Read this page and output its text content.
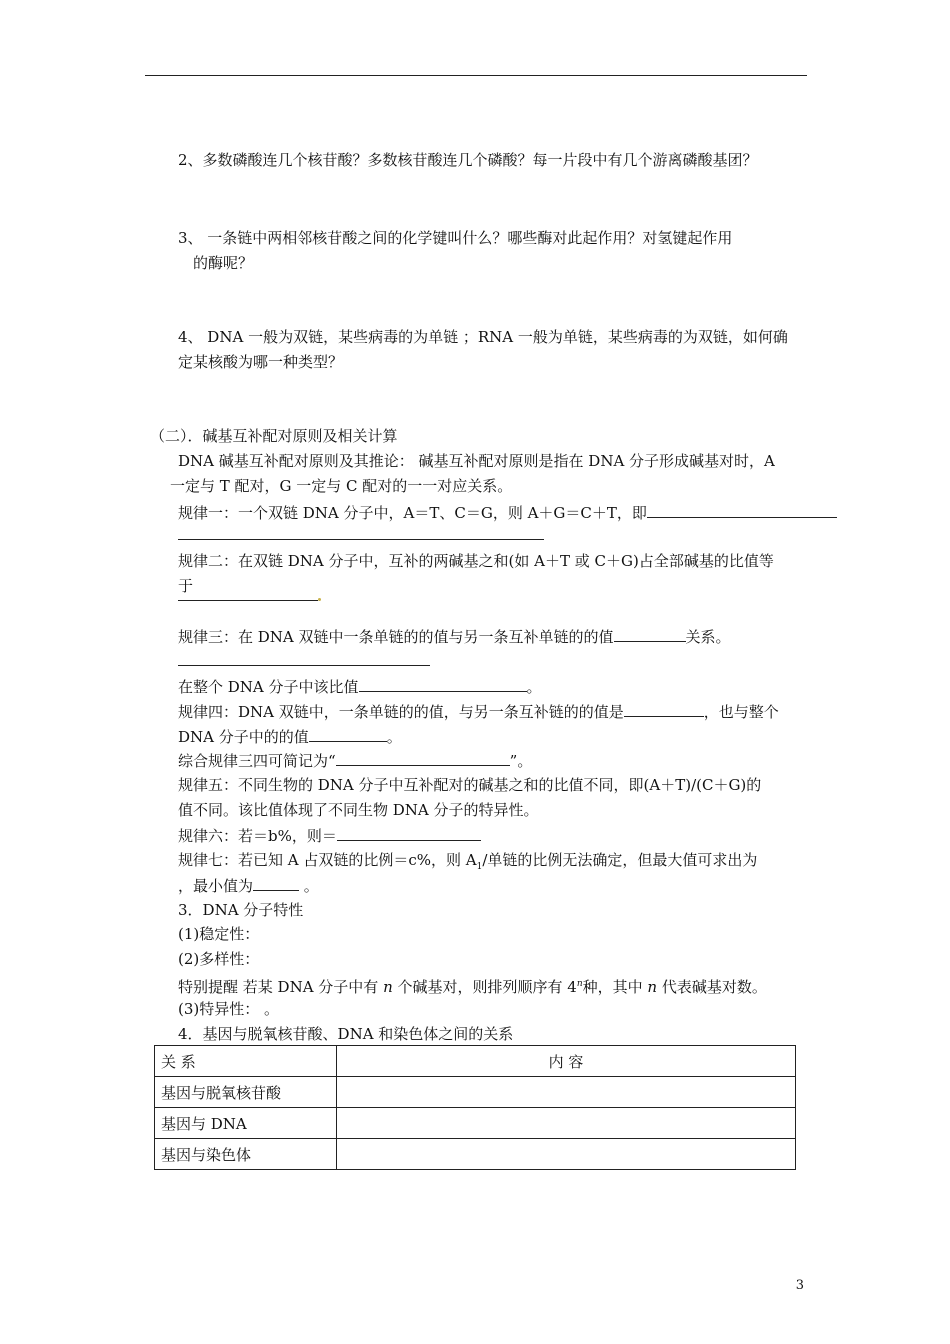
2、多数磷酸连几个核苷酸？多数核苷酸连几个磷酸？每一片段中有几个游离磷酸基团？
3、 一条链中两相邻核苷酸之间的化学键叫什么？哪些酶对此起作用？对氢键起作用
的酶呢？
4、 DNA 一般为双链，某些病毒的为单链 ；RNA 一般为单链，某些病毒的为双链，如何确
定某核酸为哪一种类型？
（二）．碱基互补配对原则及相关计算
DNA 碱基互补配对原则及其推论： 碱基互补配对原则是指在 DNA 分子形成碱基对时，A
一定与 T 配对，G 一定与 C 配对的一一对应关系。
规律一：一个双链 DNA 分子中，A＝T、C＝G，则 A＋G＝C＋T，即
规律二：在双链 DNA 分子中，互补的两碱基之和(如 A＋T 或 C＋G)占全部碱基的比值等
于
规律三：在 DNA 双链中一条单链的的值与另一条互补单链的的值	关系。
在整个 DNA 分子中该比值	。
规律四：DNA 双链中，一条单链的的值，与另一条互补链的的值是	，也与整个
DNA 分子中的的值	。
综合规律三四可简记为“	”。
规律五：不同生物的 DNA 分子中互补配对的碱基之和的比值不同，即(A＋T)/(C＋G)的
值不同。该比值体现了不同生物 DNA 分子的特异性。
规律六：若＝b%，则＝
规律七：若已知 A 占双链的比例＝c%，则 $A_1/$单链的比例无法确定，但最大值可求出为
，最小值为	。
3．DNA 分子特性
(1)稳定性：
(2)多样性：
特别提醒 若某 DNA 分子中有 n 个碱基对，则排列顺序有 4$^n$种，其中 n 代表碱基对数。
(3)特异性： 。
4．基因与脱氧核苷酸、DNA 和染色体之间的关系
关 系	内 容
基因与脱氧核苷酸	
基因与 DNA	
基因与染色体	
3
